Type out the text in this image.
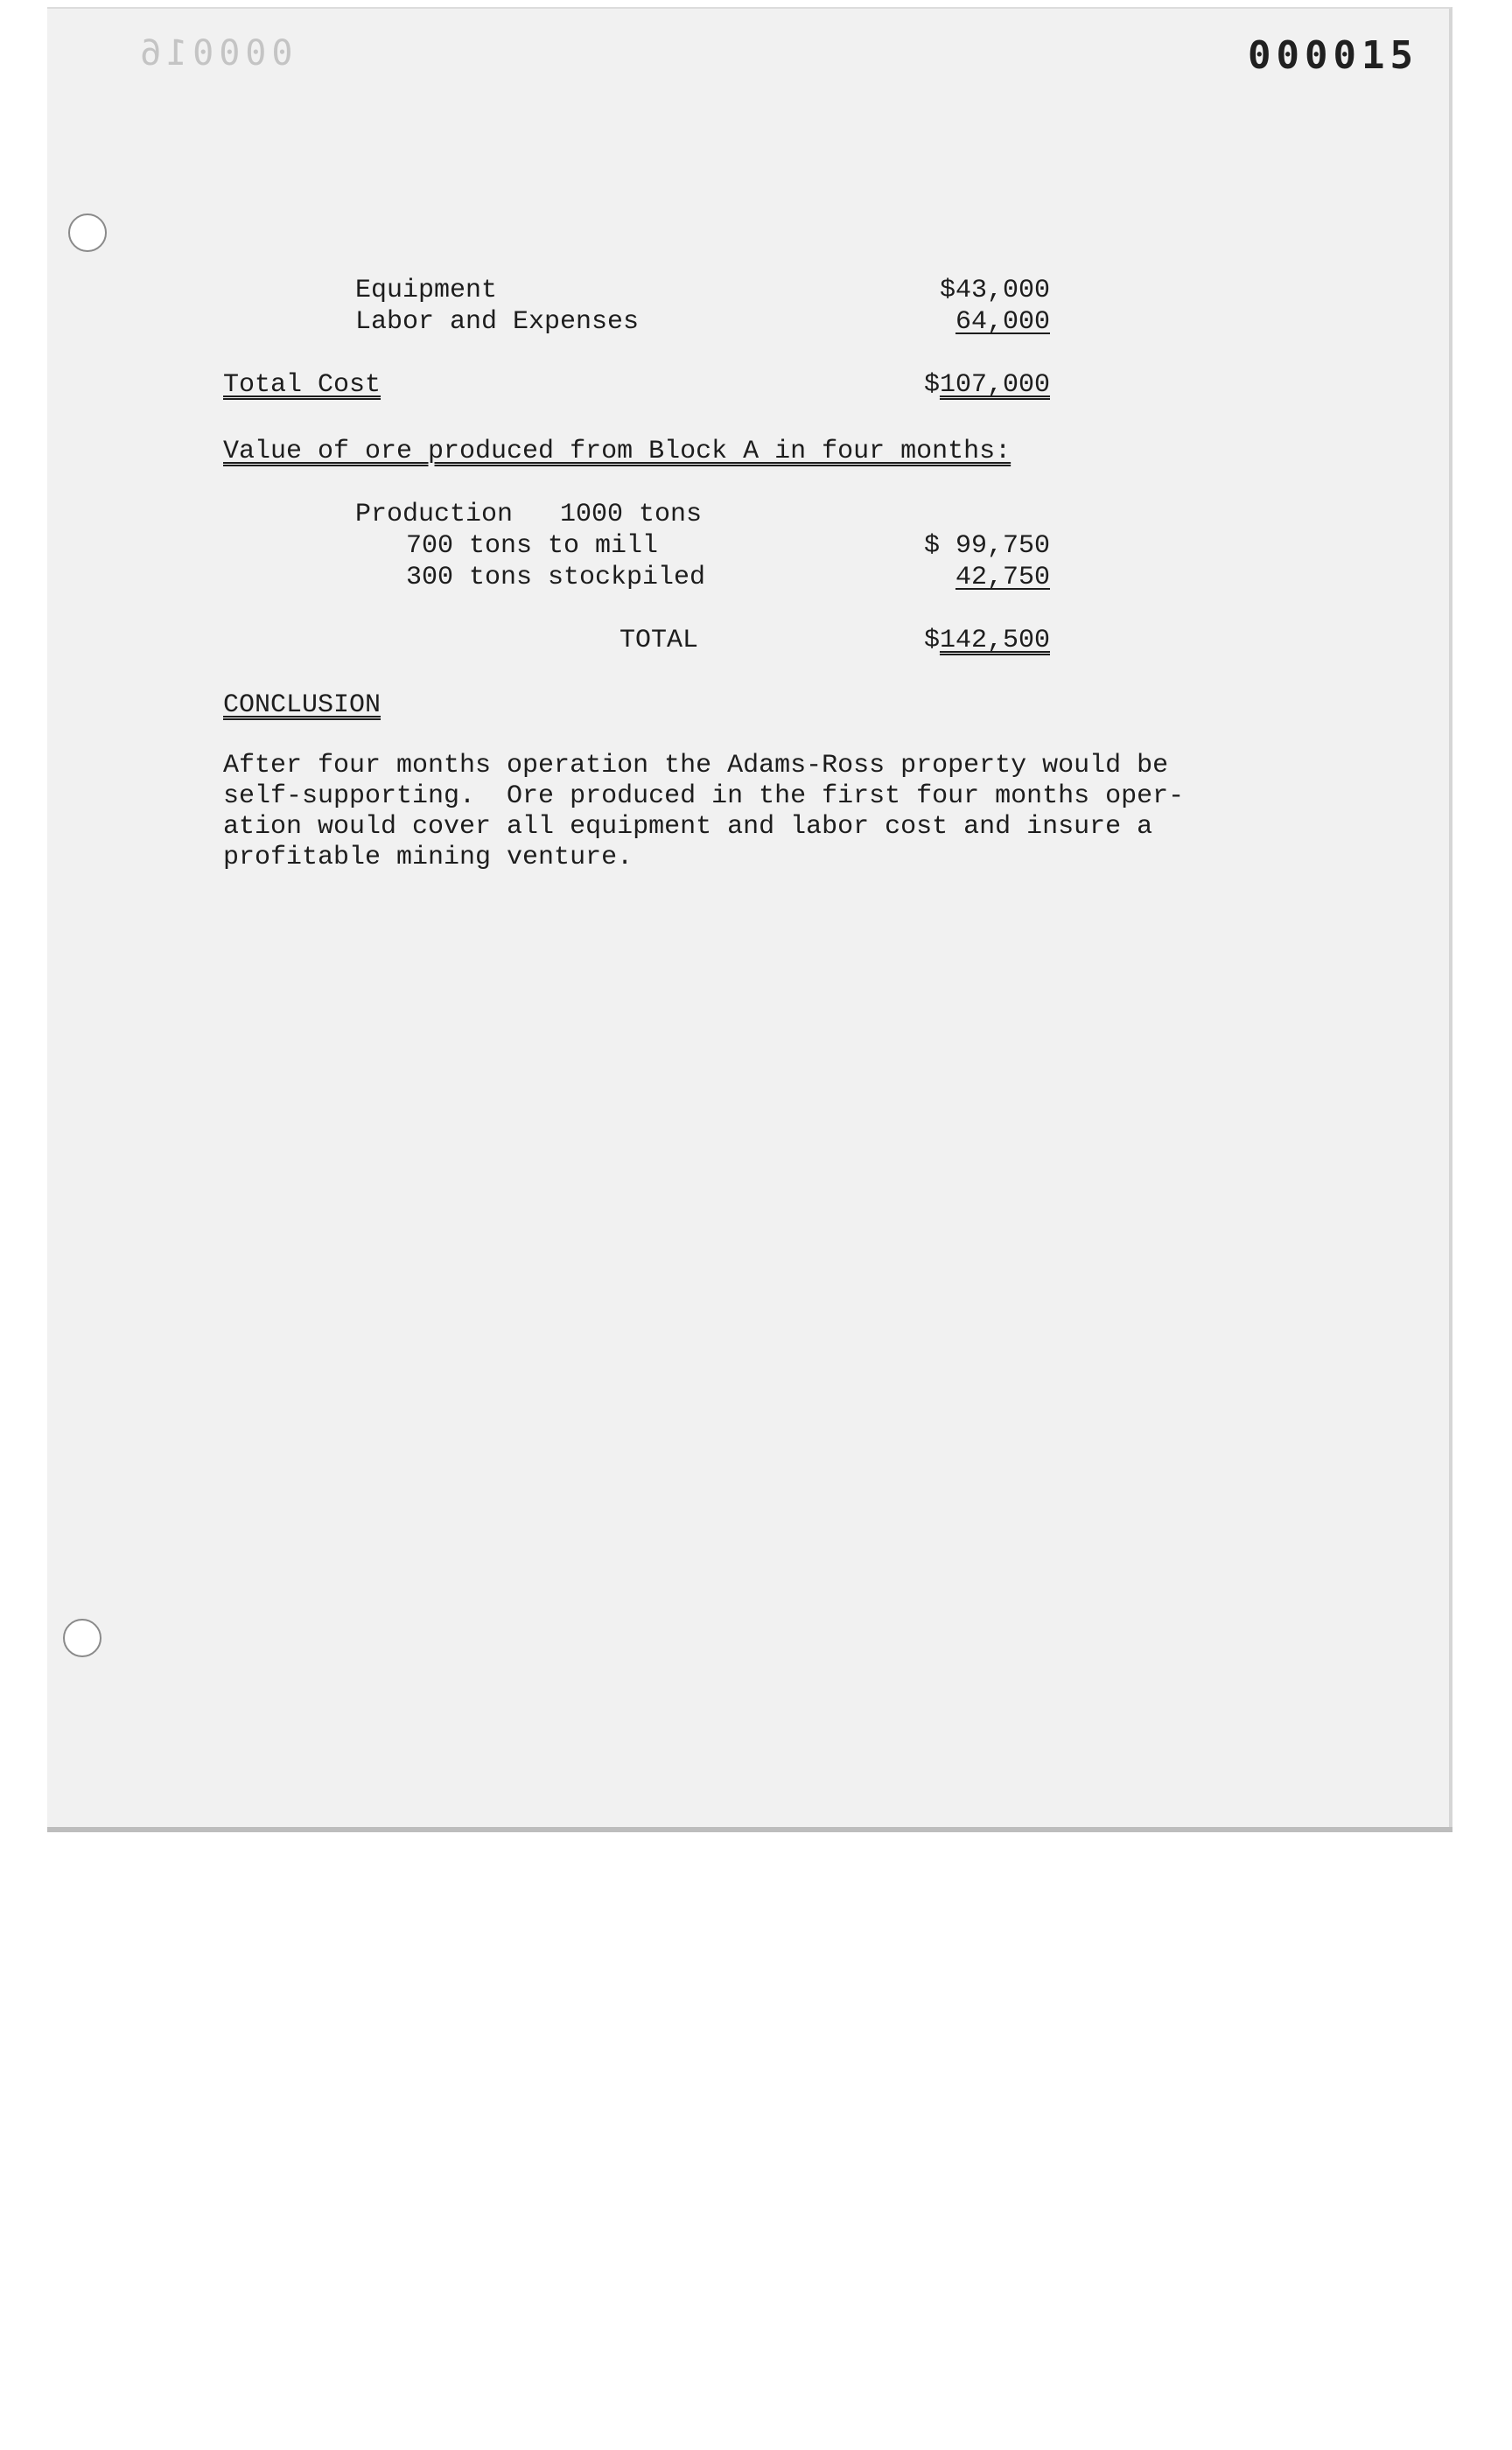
000016	000015
Equipment	$43,000
Labor and Expenses	64,000
Total Cost	$107,000
Value of ore produced from Block A in four months:
Production   1000 tons
700 tons to mill	$ 99,750
300 tons stockpiled	42,750
TOTAL	$142,500
CONCLUSION
After four months operation the Adams-Ross property would be
self-supporting.  Ore produced in the first four months oper-
ation would cover all equipment and labor cost and insure a
profitable mining venture.
